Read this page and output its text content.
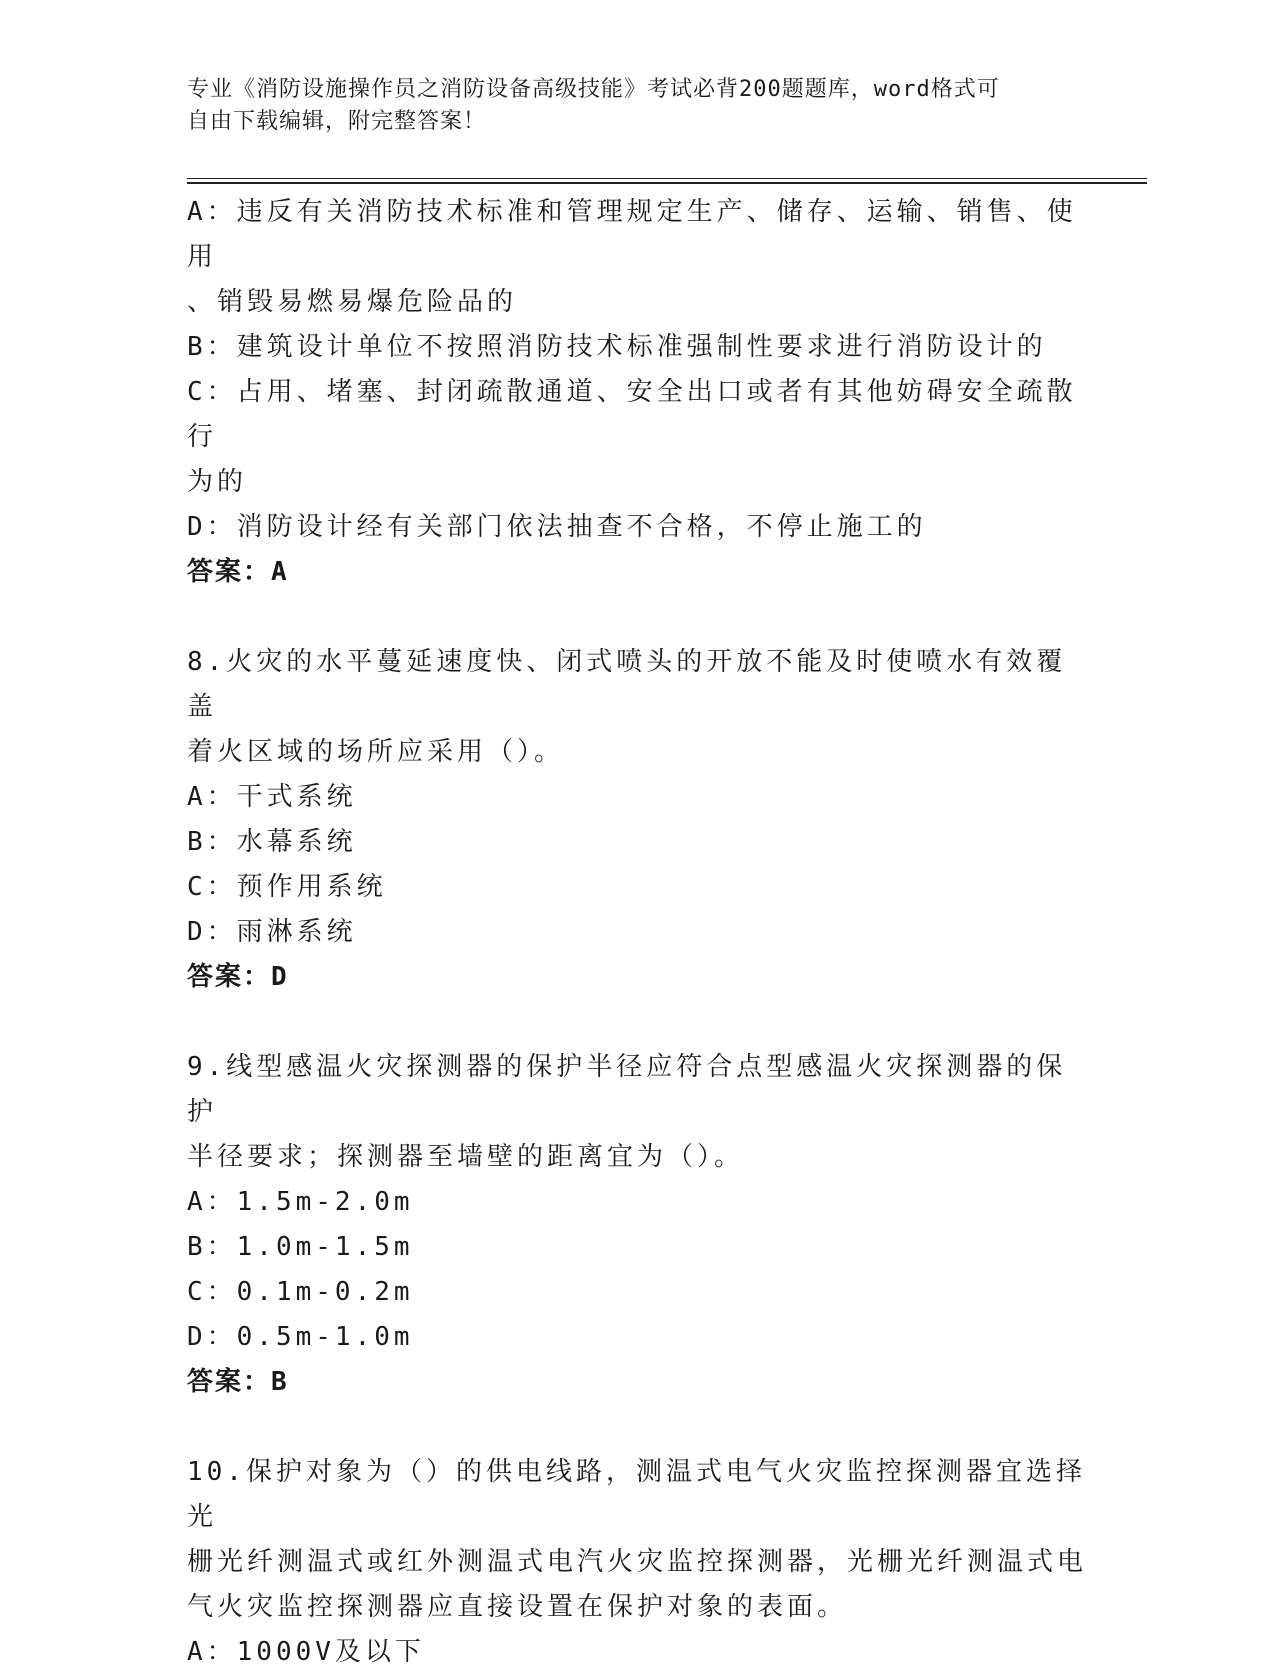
专业《消防设施操作员之消防设备高级技能》考试必背200题题库，word格式可
自由下载编辑，附完整答案！
A：违反有关消防技术标准和管理规定生产、储存、运输、销售、使用
、销毁易燃易爆危险品的
B：建筑设计单位不按照消防技术标准强制性要求进行消防设计的
C：占用、堵塞、封闭疏散通道、安全出口或者有其他妨碍安全疏散行
为的
D：消防设计经有关部门依法抽查不合格，不停止施工的
答案：A
8.火灾的水平蔓延速度快、闭式喷头的开放不能及时使喷水有效覆盖
着火区域的场所应采用（）。
A：干式系统
B：水幕系统
C：预作用系统
D：雨淋系统
答案：D
9.线型感温火灾探测器的保护半径应符合点型感温火灾探测器的保护
半径要求；探测器至墙壁的距离宜为（）。
A：1.5m-2.0m
B：1.0m-1.5m
C：0.1m-0.2m
D：0.5m-1.0m
答案：B
10.保护对象为（）的供电线路，测温式电气火灾监控探测器宜选择光
栅光纤测温式或红外测温式电汽火灾监控探测器，光栅光纤测温式电
气火灾监控探测器应直接设置在保护对象的表面。
A：1000V及以下
